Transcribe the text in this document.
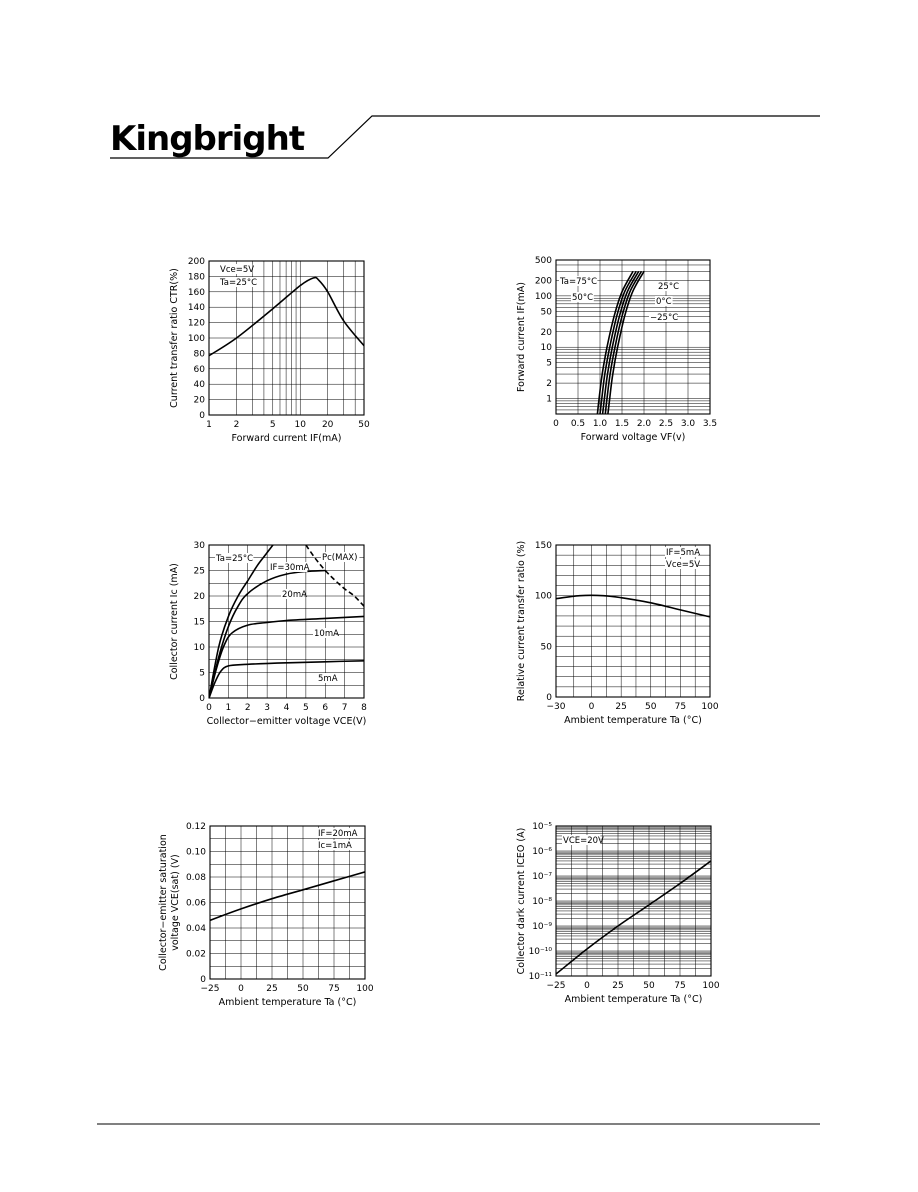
Kingbright
1 2	5 10 20	50
0
20
40
60
80
100
120
140
160
180
200
Forward current IF(mA)
Current transfer ratio CTR(%)	Vce=5V
Ta=25°C
0 0.5 1.0 1.5 2.0 2.5 3.0 3.5
1
2
5
10
20
50
100
200
500
Forward voltage VF(v)
Forward current IF(mA)
Ta=75°C
50°C
25°C
0°C
−25°C
0 1 2 3 4 5 6 7 8
0
5
10
15
20
25
30
Collector−emitter voltage VCE(V)
Collector current Ic (mA)
Ta=25°C	Pc(MAX)
IF=30mA
20mA
10mA
5mA
−30	0 25 50 75 100
0
50
100
150
Ambient temperature Ta (°C)
Relative current transfer ratio (%)	IF=5mA
Vce=5V
−25 0 25 50 75 100
0
0.02
0.04
0.06
0.08
0.10
0.12
Ambient temperature Ta (°C)
Collector−emitter saturation voltage VCE(sat) (V)
IF=20mA
Ic=1mA
−25 0 25 50 75 100
10⁻¹¹
10⁻¹⁰
10⁻⁹
10⁻⁸
10⁻⁷
10⁻⁶
10⁻⁵
Ambient temperature Ta (°C)
Collector dark current ICEO (A)	VCE=20V
